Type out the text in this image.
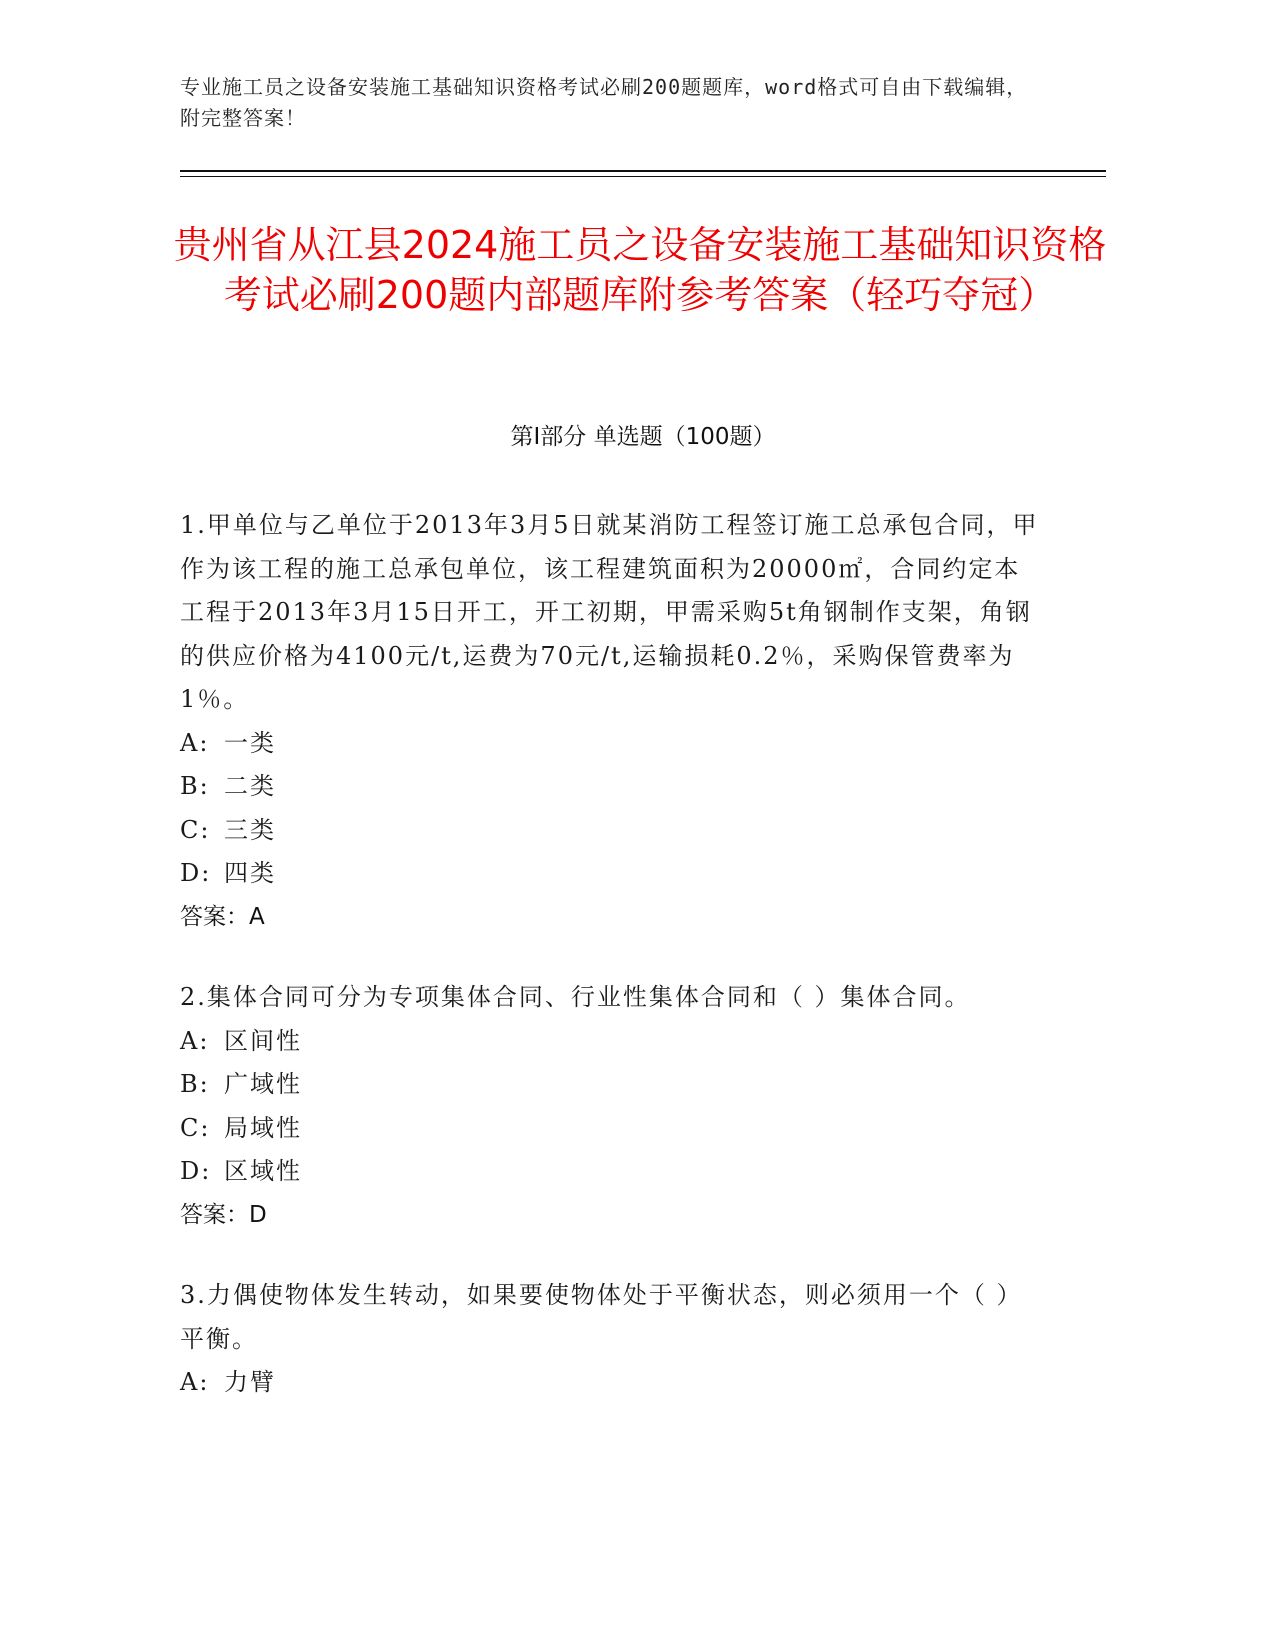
专业施工员之设备安装施工基础知识资格考试必刷200题题库，word格式可自由下载编辑，附完整答案！
贵州省从江县2024施工员之设备安装施工基础知识资格考试必刷200题内部题库附参考答案（轻巧夺冠）
第Ⅰ部分 单选题（100题）
1.甲单位与乙单位于2013年3月5日就某消防工程签订施工总承包合同，甲作为该工程的施工总承包单位，该工程建筑面积为20000㎡，合同约定本工程于2013年3月15日开工，开工初期，甲需采购5t角钢制作支架，角钢的供应价格为4100元/t,运费为70元/t,运输损耗0.2％，采购保管费率为1％。
A: 一类
B: 二类
C: 三类
D: 四类
答案：A
2.集体合同可分为专项集体合同、行业性集体合同和（ ）集体合同。
A: 区间性
B: 广域性
C: 局域性
D: 区域性
答案：D
3.力偶使物体发生转动，如果要使物体处于平衡状态，则必须用一个（ ）平衡。
A: 力臂
